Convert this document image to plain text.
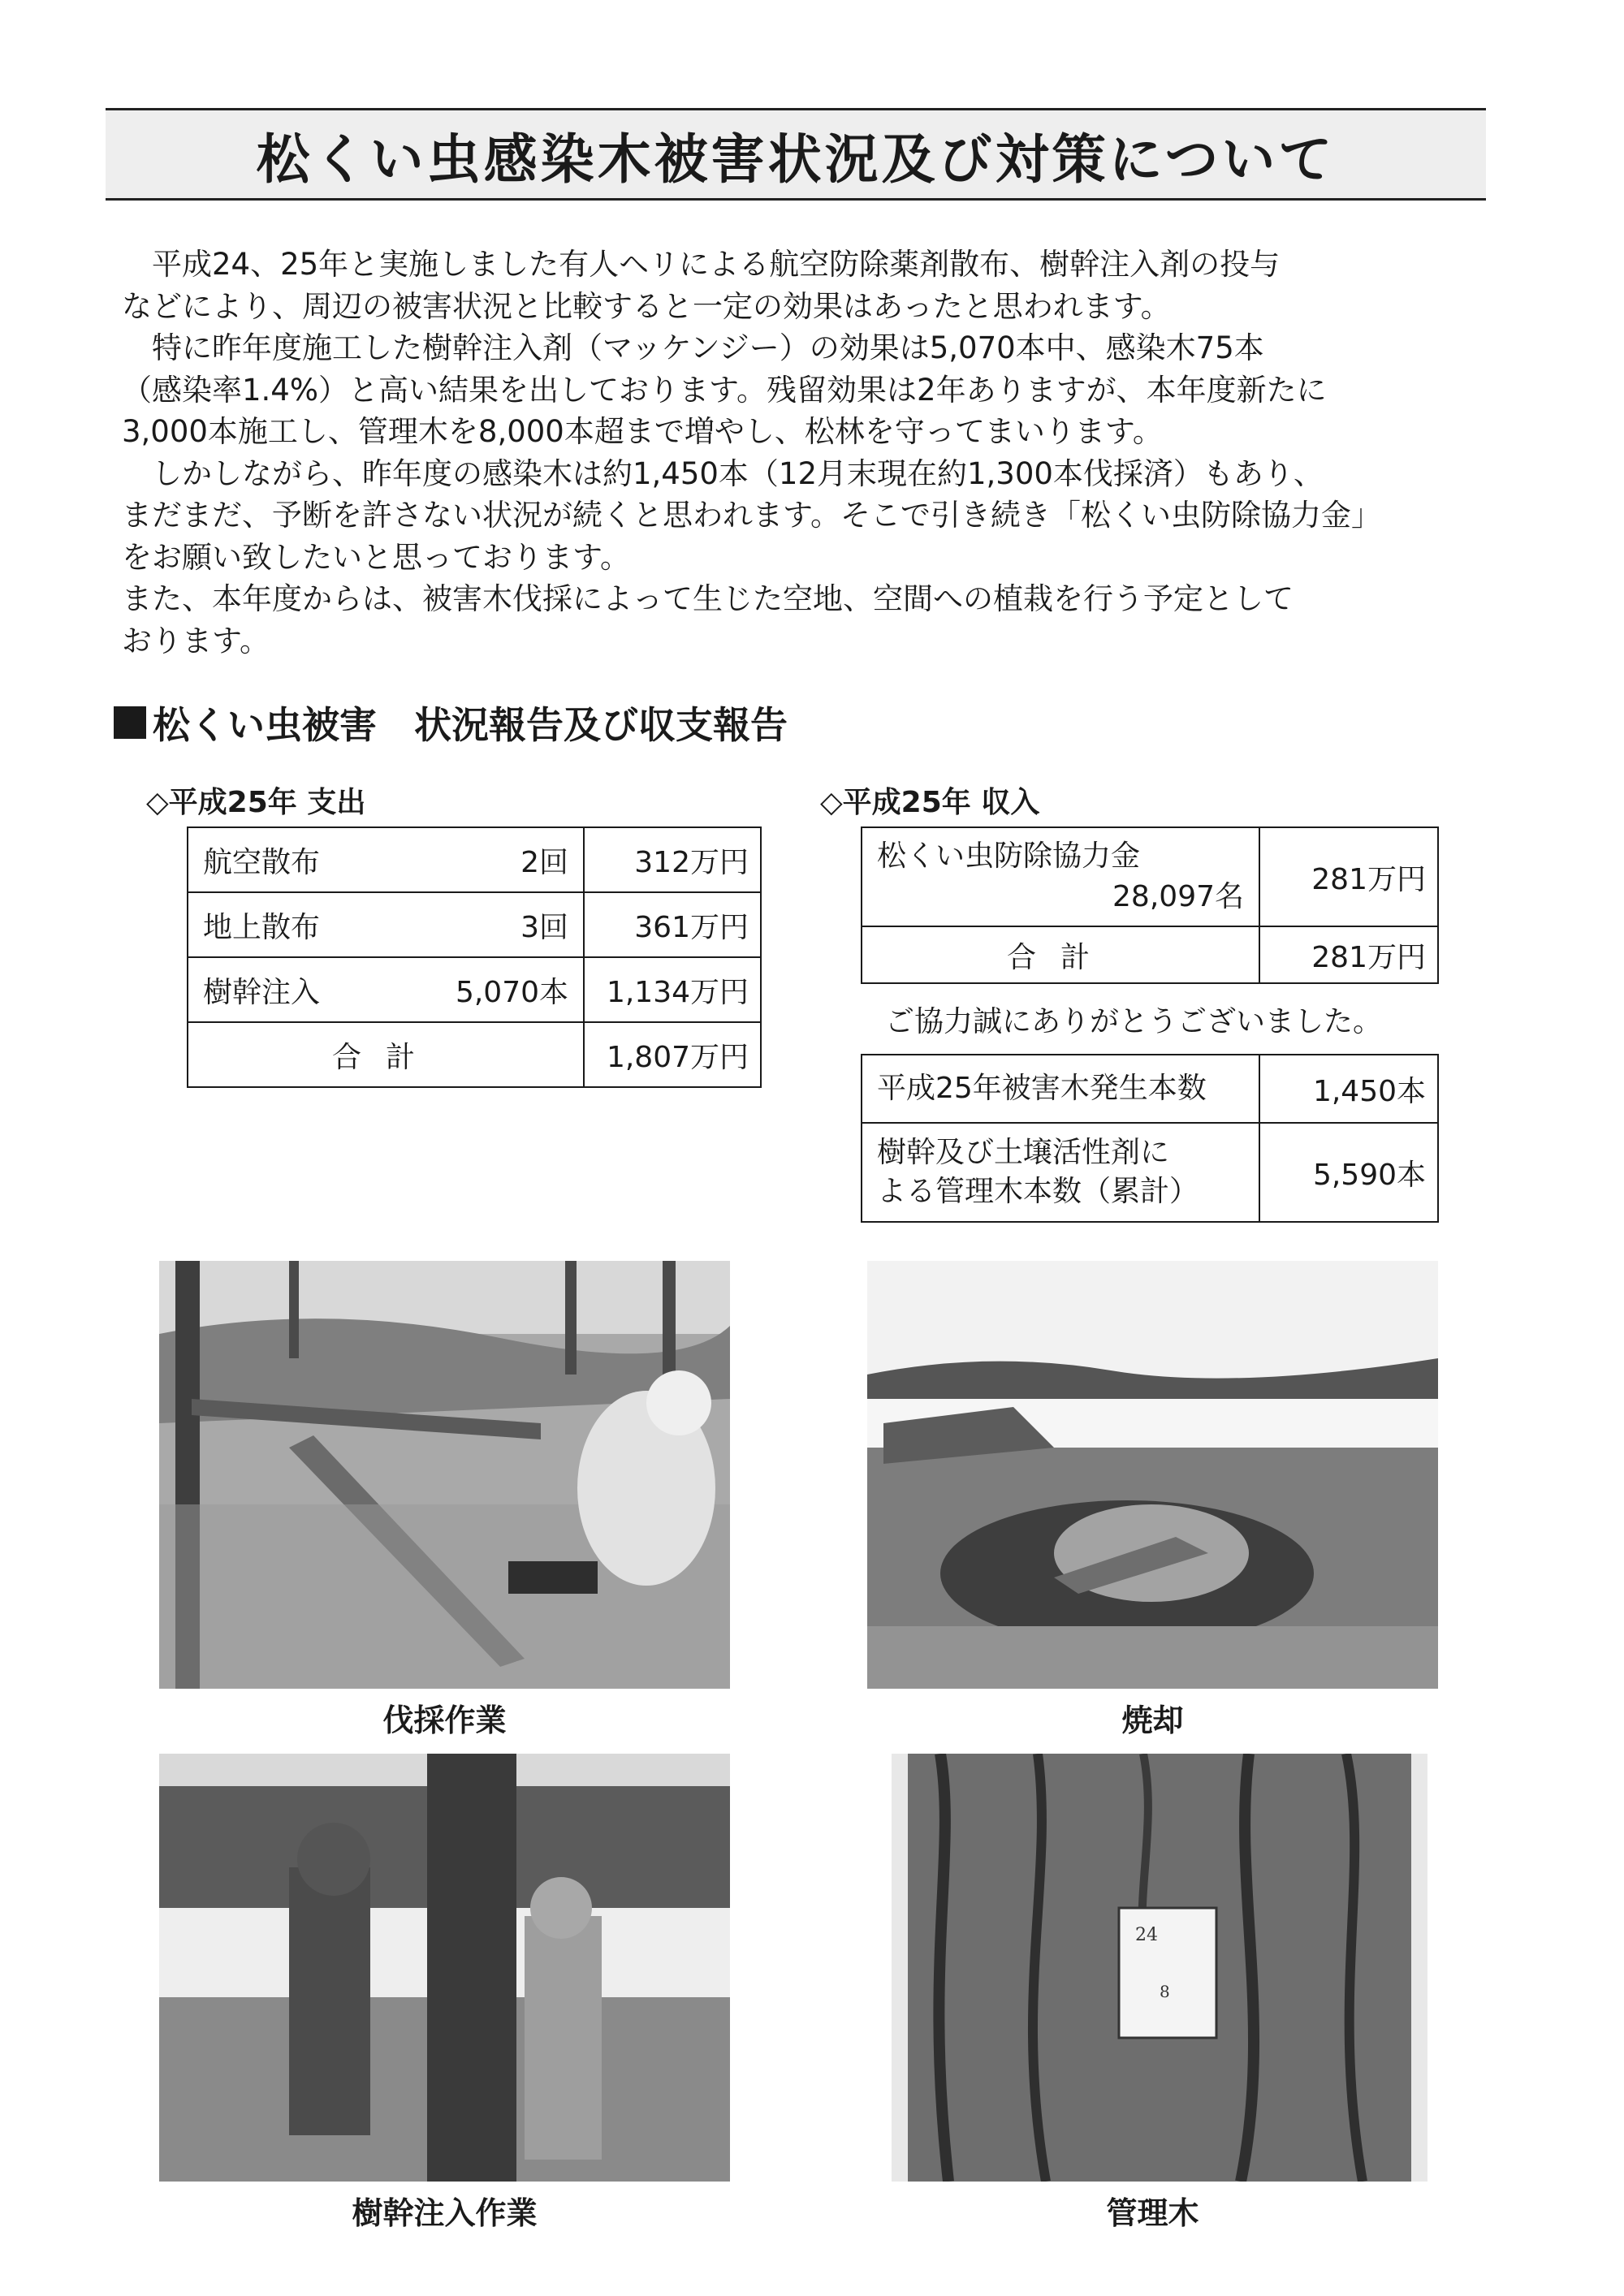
松くい虫感染木被害状況及び対策について

　平成24、25年と実施しました有人ヘリによる航空防除薬剤散布、樹幹注入剤の投与

などにより、周辺の被害状況と比較すると一定の効果はあったと思われます。

　特に昨年度施工した樹幹注入剤（マッケンジー）の効果は5,070本中、感染木75本

（感染率1.4%）と高い結果を出しております。残留効果は2年ありますが、本年度新たに

3,000本施工し、管理木を8,000本超まで増やし、松林を守ってまいります。

　しかしながら、昨年度の感染木は約1,450本（12月末現在約1,300本伐採済）もあり、

まだまだ、予断を許さない状況が続くと思われます。そこで引き続き「松くい虫防除協力金」

をお願い致したいと思っております。

また、本年度からは、被害木伐採によって生じた空地、空間への植栽を行う予定として

おります。

松くい虫被害　状況報告及び収支報告
◇平成25年 支出
航空散布 2回	312万円

地上散布 3回	361万円

樹幹注入 5,070本	1,134万円
合計	1,807万円
◇平成25年 収入
松くい虫防除協力金
28,097名	281万円
合計	281万円
ご協力誠にありがとうございました。
平成25年被害木発生本数	1,450本

樹幹及び土壌活性剤に
よる管理木本数（累計）	5,590本
伐採作業	焼却
樹幹注入作業
24
8
管理木
